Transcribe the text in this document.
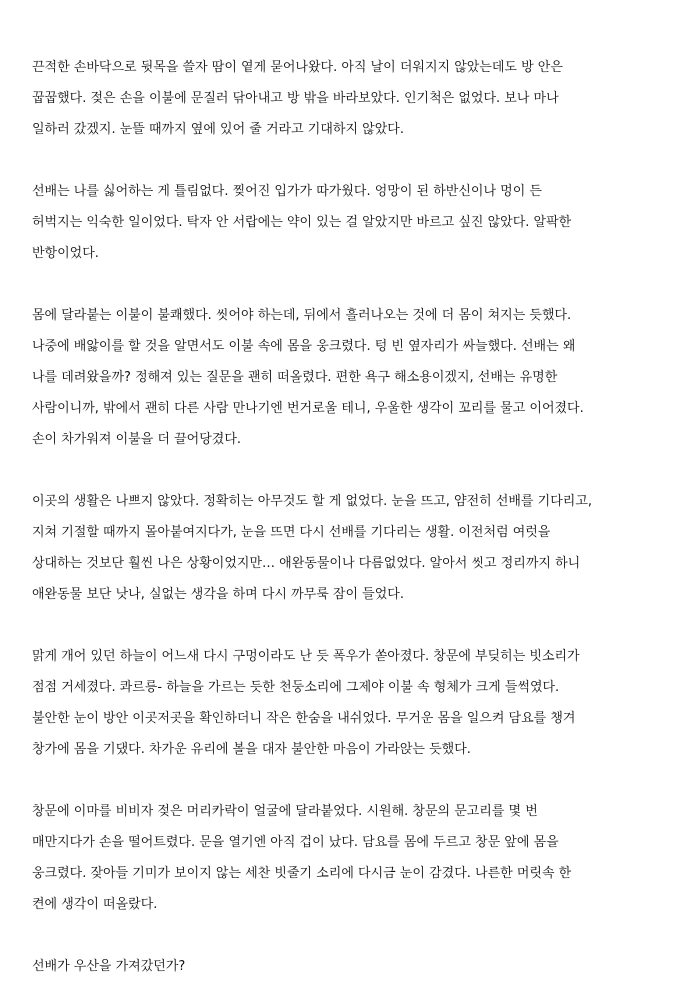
끈적한 손바닥으로 뒷목을 쓸자 땀이 옅게 묻어나왔다. 아직 날이 더워지지 않았는데도 방 안은
꿉꿉했다. 젖은 손을 이불에 문질러 닦아내고 방 밖을 바라보았다. 인기척은 없었다. 보나 마나
일하러 갔겠지. 눈뜰 때까지 옆에 있어 줄 거라고 기대하지 않았다.
선배는 나를 싫어하는 게 틀림없다. 찢어진 입가가 따가웠다. 엉망이 된 하반신이나 멍이 든
허벅지는 익숙한 일이었다. 탁자 안 서랍에는 약이 있는 걸 알았지만 바르고 싶진 않았다. 알팍한
반항이었다.
몸에 달라붙는 이불이 불쾌했다. 씻어야 하는데, 뒤에서 흘러나오는 것에 더 몸이 쳐지는 듯했다.
나중에 배앓이를 할 것을 알면서도 이불 속에 몸을 웅크렸다. 텅 빈 옆자리가 싸늘했다. 선배는 왜
나를 데려왔을까? 정해져 있는 질문을 괜히 떠올렸다. 편한 욕구 해소용이겠지, 선배는 유명한
사람이니까, 밖에서 괜히 다른 사람 만나기엔 번거로울 테니, 우울한 생각이 꼬리를 물고 이어졌다.
손이 차가워져 이불을 더 끌어당겼다.
이곳의 생활은 나쁘지 않았다. 정확히는 아무것도 할 게 없었다. 눈을 뜨고, 얌전히 선배를 기다리고,
지쳐 기절할 때까지 몰아붙여지다가, 눈을 뜨면 다시 선배를 기다리는 생활. 이전처럼 여럿을
상대하는 것보단 훨씬 나은 상황이었지만… 애완동물이나 다름없었다. 알아서 씻고 정리까지 하니
애완동물 보단 낫나, 실없는 생각을 하며 다시 까무룩 잠이 들었다.
맑게 개어 있던 하늘이 어느새 다시 구멍이라도 난 듯 폭우가 쏟아졌다. 창문에 부딪히는 빗소리가
점점 거세졌다. 콰르릉- 하늘을 가르는 듯한 천둥소리에 그제야 이불 속 형체가 크게 들썩였다.
불안한 눈이 방안 이곳저곳을 확인하더니 작은 한숨을 내쉬었다. 무거운 몸을 일으켜 담요를 챙겨
창가에 몸을 기댔다. 차가운 유리에 볼을 대자 불안한 마음이 가라앉는 듯했다.
창문에 이마를 비비자 젖은 머리카락이 얼굴에 달라붙었다. 시원해. 창문의 문고리를 몇 번
매만지다가 손을 떨어트렸다. 문을 열기엔 아직 겁이 났다. 담요를 몸에 두르고 창문 앞에 몸을
웅크렸다. 잦아들 기미가 보이지 않는 세찬 빗줄기 소리에 다시금 눈이 감겼다. 나른한 머릿속 한
켠에 생각이 떠올랐다.
선배가 우산을 가져갔던가?
